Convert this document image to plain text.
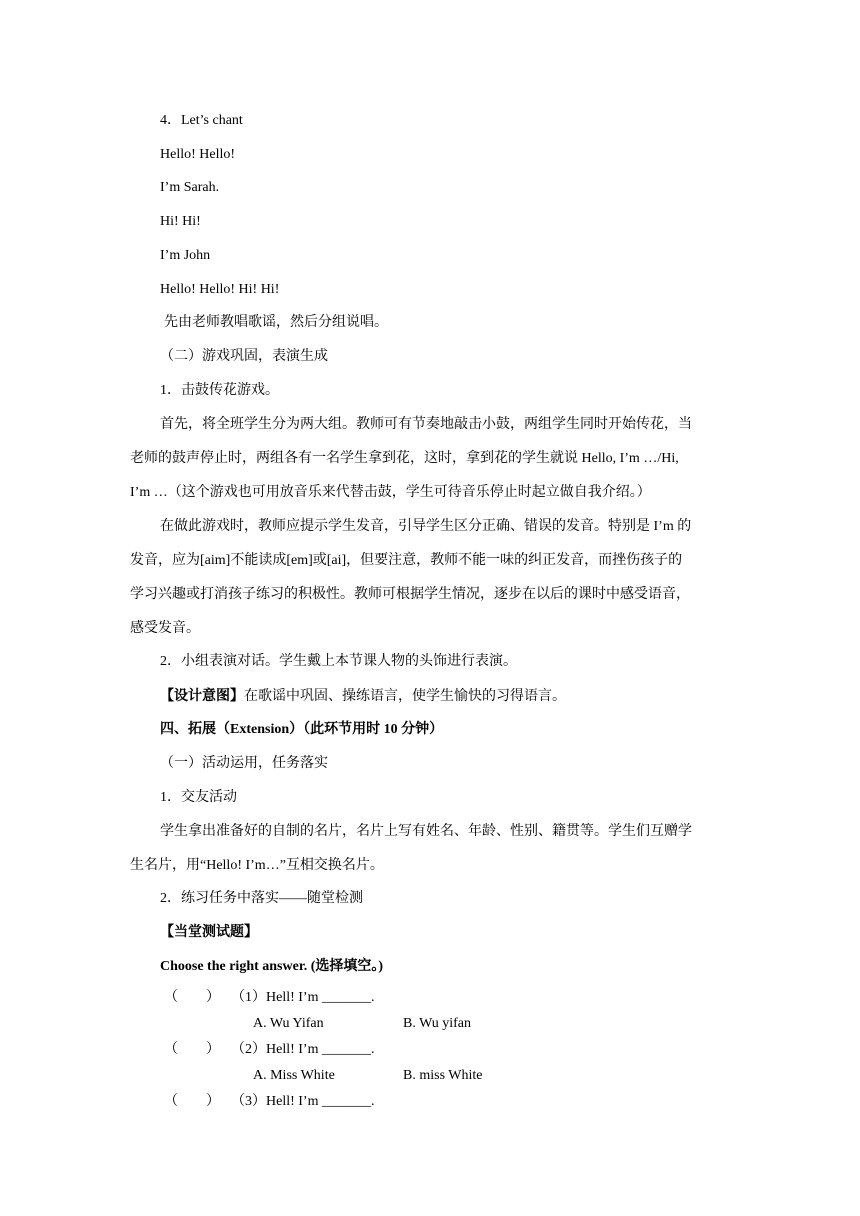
4．Let’s chant
Hello! Hello!
I’m Sarah.
Hi! Hi!
I’m John
Hello! Hello! Hi! Hi!
先由老师教唱歌谣，然后分组说唱。
（二）游戏巩固，表演生成
1．击鼓传花游戏。
首先，将全班学生分为两大组。教师可有节奏地敲击小鼓，两组学生同时开始传花，当
老师的鼓声停止时，两组各有一名学生拿到花，这时，拿到花的学生就说 Hello, I’m …/Hi,
I’m …（这个游戏也可用放音乐来代替击鼓，学生可待音乐停止时起立做自我介绍。）
在做此游戏时，教师应提示学生发音，引导学生区分正确、错误的发音。特别是 I’m 的
发音，应为[aim]不能读成[em]或[ai]，但要注意，教师不能一味的纠正发音，而挫伤孩子的
学习兴趣或打消孩子练习的积极性。教师可根据学生情况，逐步在以后的课时中感受语音，
感受发音。
2．小组表演对话。学生戴上本节课人物的头饰进行表演。
【设计意图】在歌谣中巩固、操练语言，使学生愉快的习得语言。
四、拓展（Extension）（此环节用时 10 分钟）
（一）活动运用，任务落实
1．交友活动
学生拿出准备好的自制的名片，名片上写有姓名、年龄、性别、籍贯等。学生们互赠学
生名片，用“Hello! I’m…”互相交换名片。
2．练习任务中落实——随堂检测
【当堂测试题】
Choose the right answer. (选择填空。)
（　　） （1）Hell! I’m _______.
A. Wu Yifan	B. Wu yifan
（　　） （2）Hell! I’m _______.
A. Miss White	B. miss White
（　　） （3）Hell! I’m _______.
